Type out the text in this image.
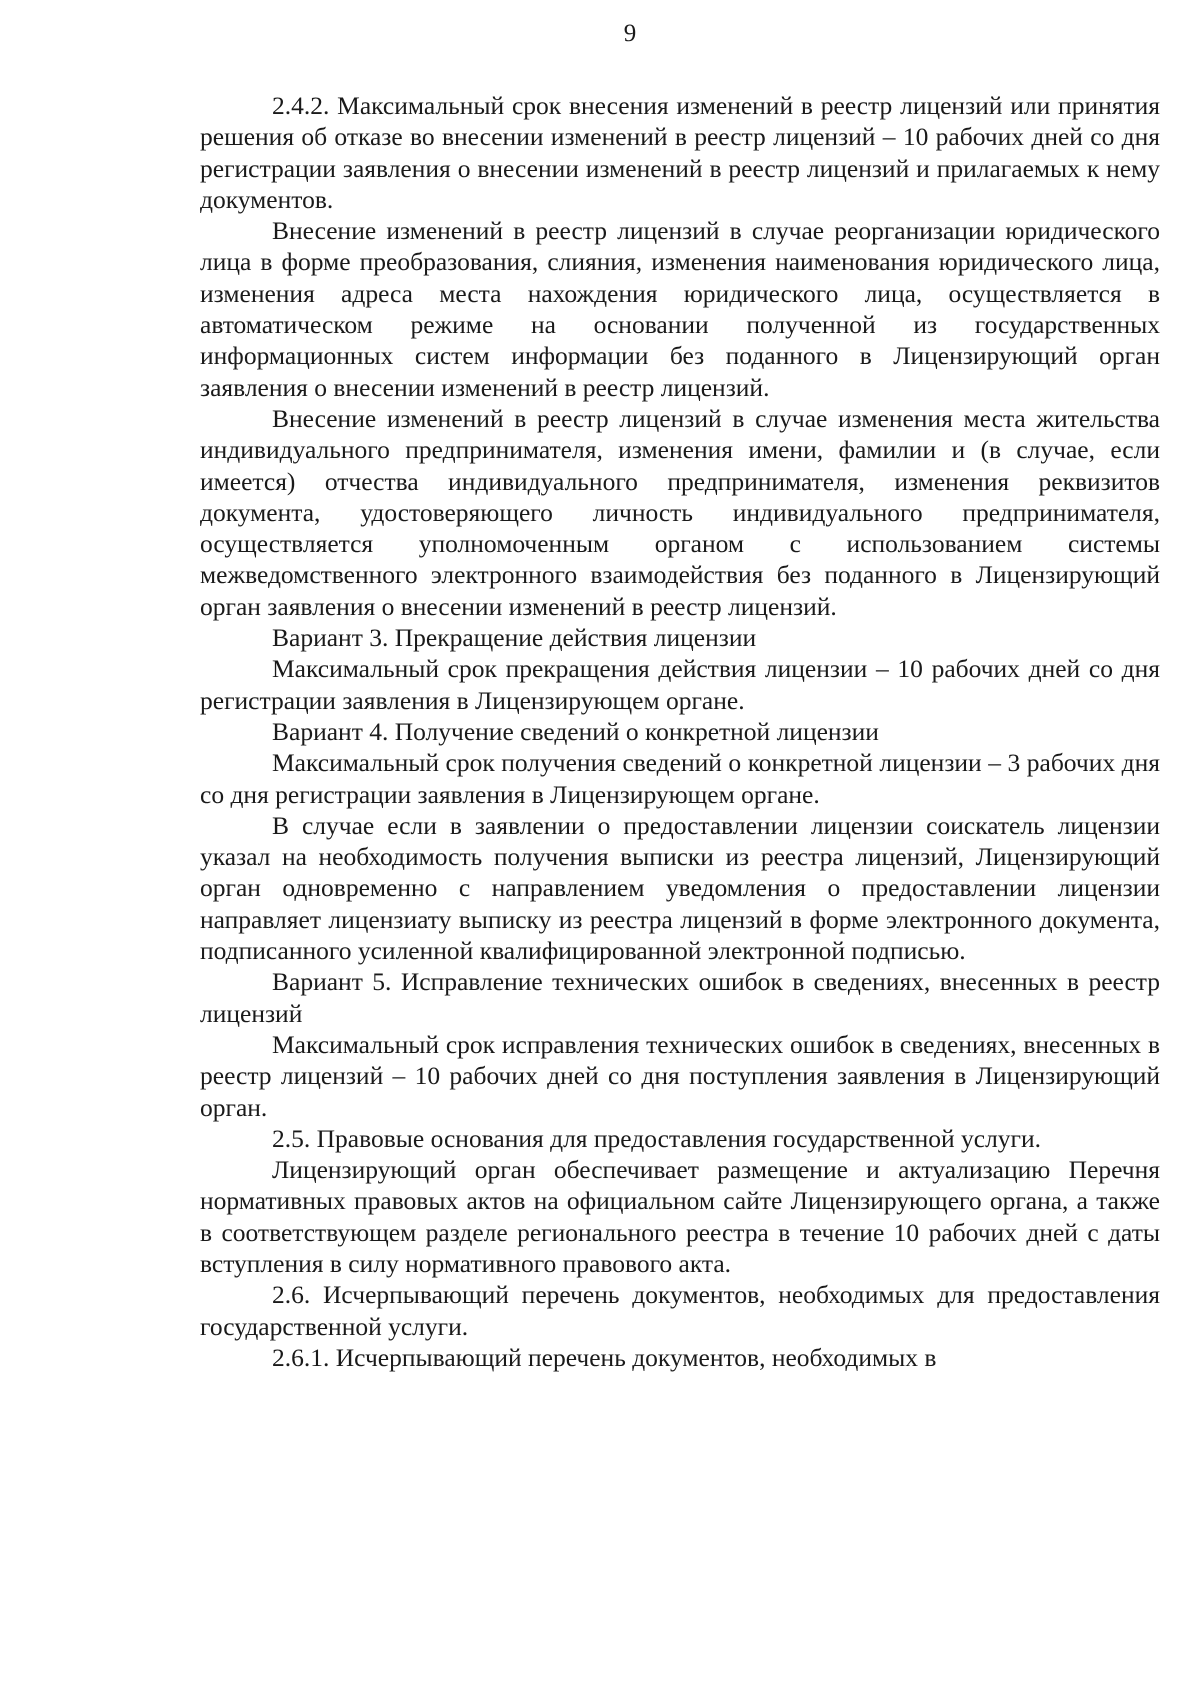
9

2.4.2. Максимальный срок внесения изменений в реестр лицензий или принятия решения об отказе во внесении изменений в реестр лицензий – 10 рабочих дней со дня регистрации заявления о внесении изменений в реестр лицензий и прилагаемых к нему документов.

Внесение изменений в реестр лицензий в случае реорганизации юридического лица в форме преобразования, слияния, изменения наименования юридического лица, изменения адреса места нахождения юридического лица, осуществляется в автоматическом режиме на основании полученной из государственных информационных систем информации без поданного в Лицензирующий орган заявления о внесении изменений в реестр лицензий.

Внесение изменений в реестр лицензий в случае изменения места жительства индивидуального предпринимателя, изменения имени, фамилии и (в случае, если имеется) отчества индивидуального предпринимателя, изменения реквизитов документа, удостоверяющего личность индивидуального предпринимателя, осуществляется уполномоченным органом с использованием системы межведомственного электронного взаимодействия без поданного в Лицензирующий орган заявления о внесении изменений в реестр лицензий.

Вариант 3. Прекращение действия лицензии

Максимальный срок прекращения действия лицензии – 10 рабочих дней со дня регистрации заявления в Лицензирующем органе.

Вариант 4. Получение сведений о конкретной лицензии

Максимальный срок получения сведений о конкретной лицензии – 3 рабочих дня со дня регистрации заявления в Лицензирующем органе.

В случае если в заявлении о предоставлении лицензии соискатель лицензии указал на необходимость получения выписки из реестра лицензий, Лицензирующий орган одновременно с направлением уведомления о предоставлении лицензии направляет лицензиату выписку из реестра лицензий в форме электронного документа, подписанного усиленной квалифицированной электронной подписью.

Вариант 5. Исправление технических ошибок в сведениях, внесенных в реестр лицензий

Максимальный срок исправления технических ошибок в сведениях, внесенных в реестр лицензий – 10 рабочих дней со дня поступления заявления в Лицензирующий орган.

2.5. Правовые основания для предоставления государственной услуги.

Лицензирующий орган обеспечивает размещение и актуализацию Перечня нормативных правовых актов на официальном сайте Лицензирующего органа, а также в соответствующем разделе регионального реестра в течение 10 рабочих дней с даты вступления в силу нормативного правового акта.

2.6. Исчерпывающий перечень документов, необходимых для предоставления государственной услуги.

2.6.1. Исчерпывающий перечень документов, необходимых в
